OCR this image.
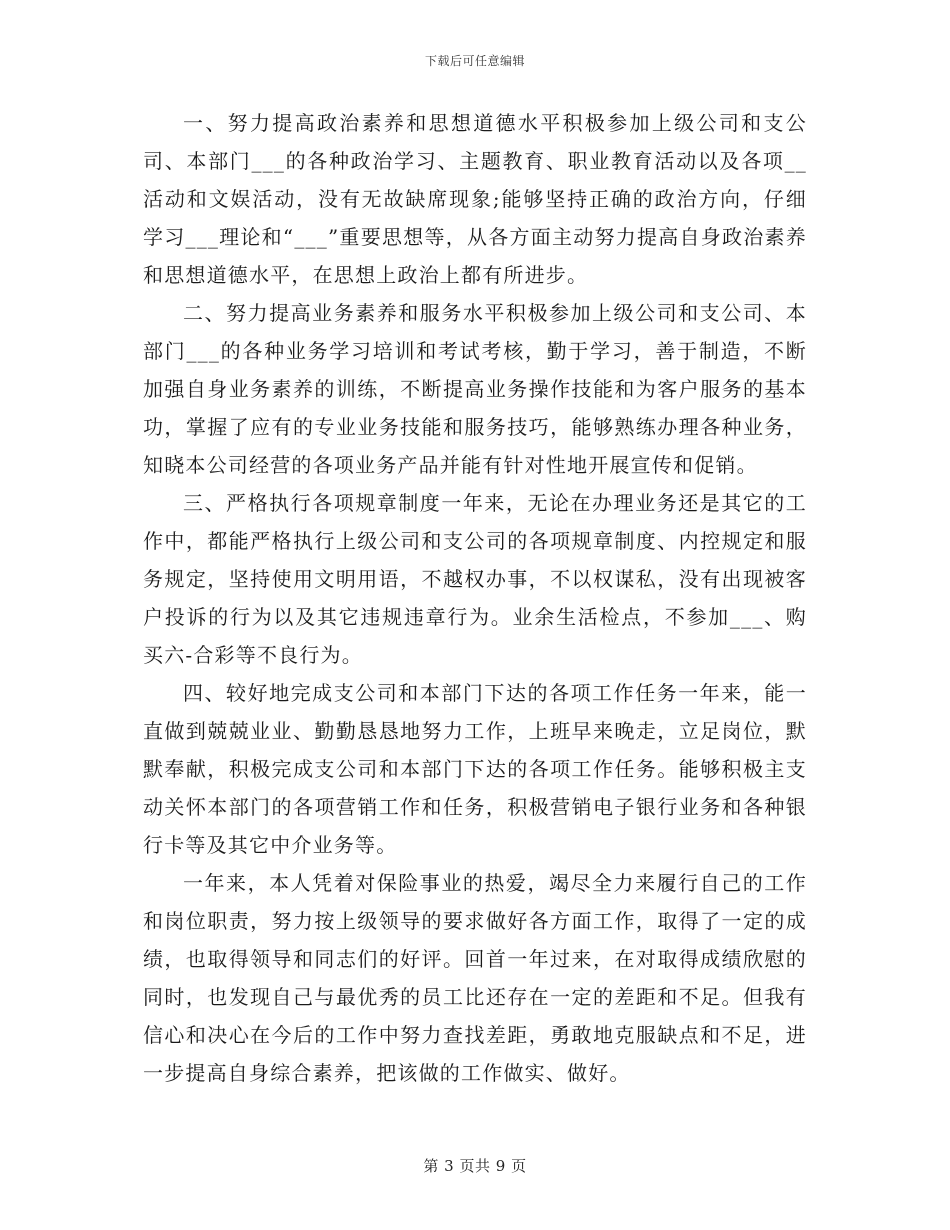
下载后可任意编辑

一、努力提高政治素养和思想道德水平积极参加上级公司和支公司、本部门___的各种政治学习、主题教育、职业教育活动以及各项__活动和文娱活动，没有无故缺席现象;能够坚持正确的政治方向，仔细学习___理论和“___”重要思想等，从各方面主动努力提高自身政治素养和思想道德水平，在思想上政治上都有所进步。

二、努力提高业务素养和服务水平积极参加上级公司和支公司、本部门___的各种业务学习培训和考试考核，勤于学习，善于制造，不断加强自身业务素养的训练，不断提高业务操作技能和为客户服务的基本功，掌握了应有的专业业务技能和服务技巧，能够熟练办理各种业务，知晓本公司经营的各项业务产品并能有针对性地开展宣传和促销。

三、严格执行各项规章制度一年来，无论在办理业务还是其它的工作中，都能严格执行上级公司和支公司的各项规章制度、内控规定和服务规定，坚持使用文明用语，不越权办事，不以权谋私，没有出现被客户投诉的行为以及其它违规违章行为。业余生活检点，不参加___、购买六-合彩等不良行为。

四、较好地完成支公司和本部门下达的各项工作任务一年来，能一直做到兢兢业业、勤勤恳恳地努力工作，上班早来晚走，立足岗位，默默奉献，积极完成支公司和本部门下达的各项工作任务。能够积极主支动关怀本部门的各项营销工作和任务，积极营销电子银行业务和各种银行卡等及其它中介业务等。

一年来，本人凭着对保险事业的热爱，竭尽全力来履行自己的工作和岗位职责，努力按上级领导的要求做好各方面工作，取得了一定的成绩，也取得领导和同志们的好评。回首一年过来，在对取得成绩欣慰的同时，也发现自己与最优秀的员工比还存在一定的差距和不足。但我有信心和决心在今后的工作中努力查找差距，勇敢地克服缺点和不足，进一步提高自身综合素养，把该做的工作做实、做好。

第 3 页共 9 页
